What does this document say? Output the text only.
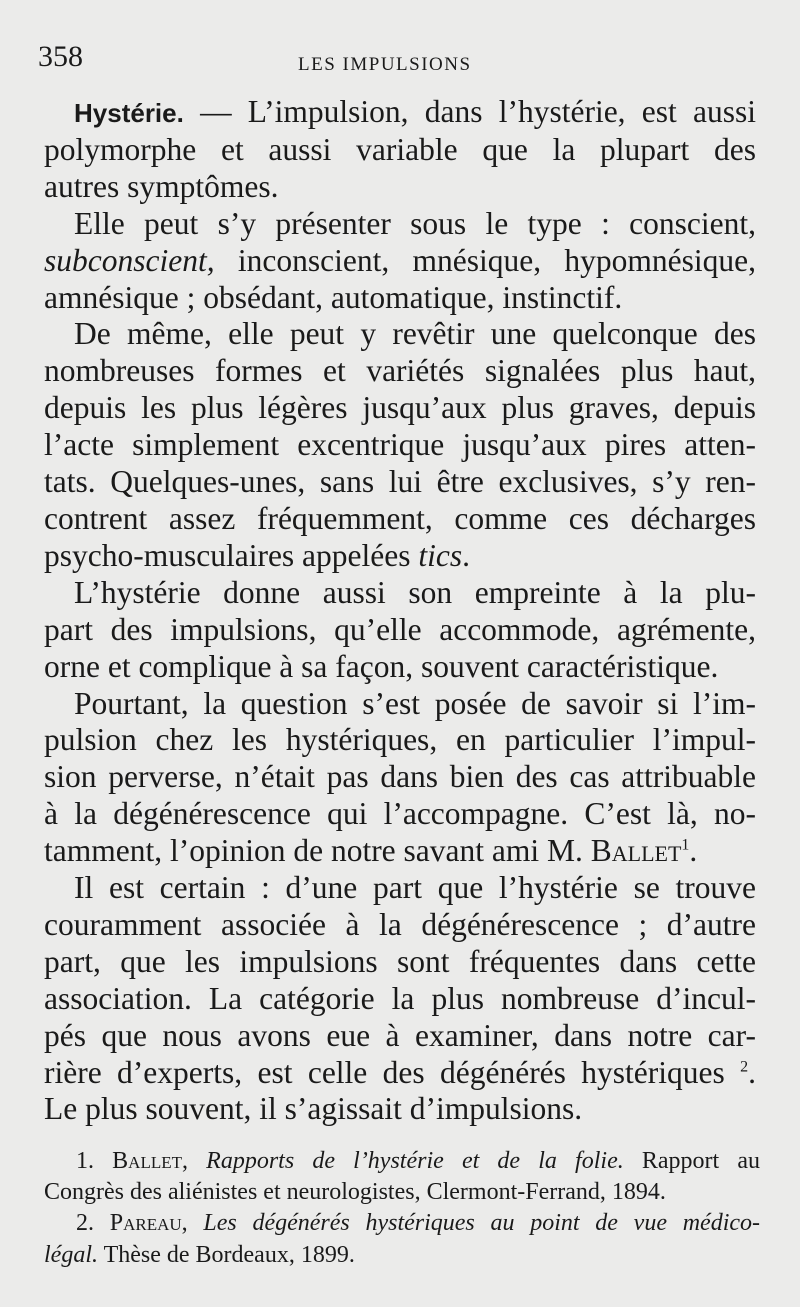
358	LES IMPULSIONS
Hystérie. — L’impulsion, dans l’hystérie, est aussi
polymorphe et aussi variable que la plupart des
autres symptômes.
Elle peut s’y présenter sous le type : conscient,
subconscient, inconscient, mnésique, hypomnésique,
amnésique ; obsédant, automatique, instinctif.
De même, elle peut y revêtir une quelconque des
nombreuses formes et variétés signalées plus haut,
depuis les plus légères jusqu’aux plus graves, depuis
l’acte simplement excentrique jusqu’aux pires atten-
tats. Quelques-unes, sans lui être exclusives, s’y ren-
contrent assez fréquemment, comme ces décharges
psycho-musculaires appelées tics.
L’hystérie donne aussi son empreinte à la plu-
part des impulsions, qu’elle accommode, agrémente,
orne et complique à sa façon, souvent caractéristique.
Pourtant, la question s’est posée de savoir si l’im-
pulsion chez les hystériques, en particulier l’impul-
sion perverse, n’était pas dans bien des cas attribuable
à la dégénérescence qui l’accompagne. C’est là, no-
tamment, l’opinion de notre savant ami M. Ballet$^1$.
Il est certain : d’une part que l’hystérie se trouve
couramment associée à la dégénérescence ; d’autre
part, que les impulsions sont fréquentes dans cette
association. La catégorie la plus nombreuse d’incul-
pés que nous avons eue à examiner, dans notre car-
rière d’experts, est celle des dégénérés hystériques $^2$.
Le plus souvent, il s’agissait d’impulsions.
1. Ballet, Rapports de l’hystérie et de la folie. Rapport au
Congrès des aliénistes et neurologistes, Clermont-Ferrand, 1894.
2. Pareau, Les dégénérés hystériques au point de vue médico-
légal. Thèse de Bordeaux, 1899.
